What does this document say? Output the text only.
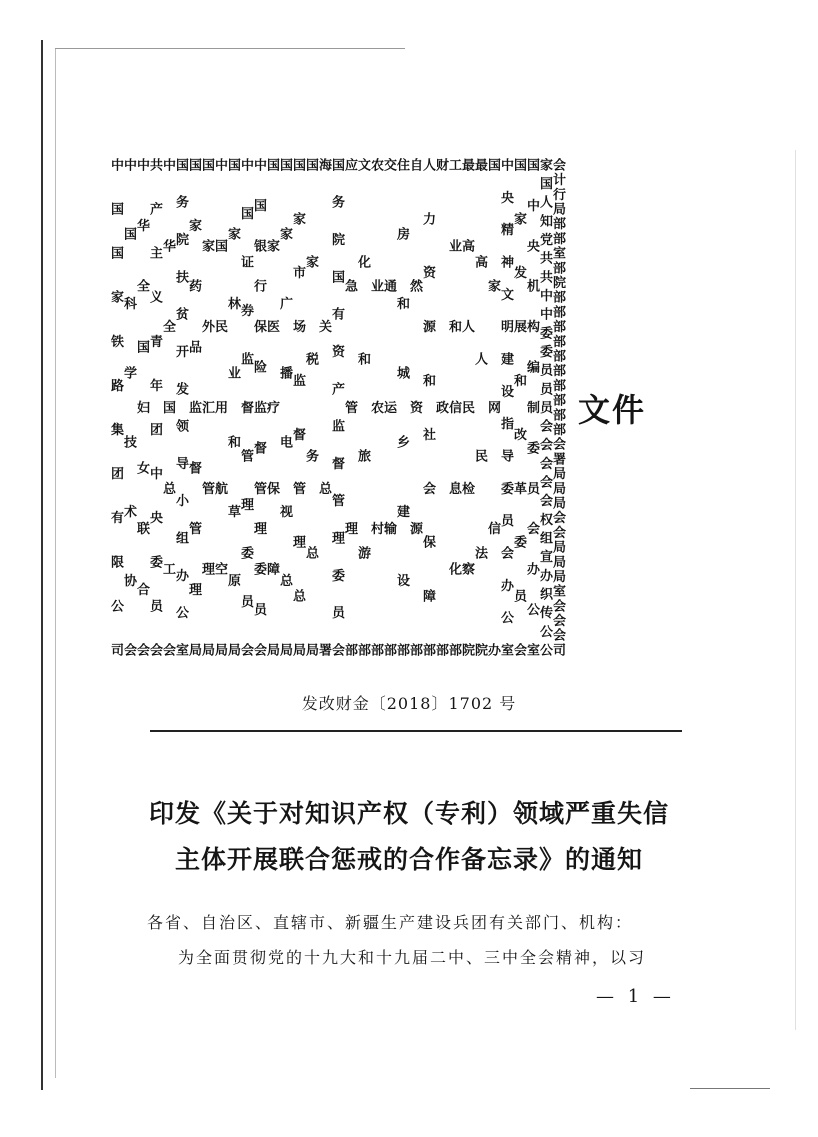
会计行局部部室部院部部部部部部部部部部会署局局局会会局局局室会会会司
家国人知党共共中中委委员员员会会会会会权组宣办织传公公
国中央机构编制委员会办公室
国家发展和改革委员会
中央精神文明建设指导委员会办公室
国家网信办
最高人民法院
最高人民检察院
工业和信息化部
财政部
人力资源和社会保障部
自然资源部
住房和城乡建设部
交通运输部
农业农村部
文化和旅游部
应急管理部
国务院国有资产监督管理委员会
海关总署
国家税务总局
国家市场监督管理总局
国家广播电视总局
国家医疗保障局
中国银行保险监督管理委员会
中国证券监督管理委员会
国家林业和草原局
中国民用航空局
国家外汇管理局
国家药品监督管理局
国务院扶贫开发领导小组办公室
中华全国总工会
共产主义青年团中央委员会
中华全国妇女联合会
中国科学技术协会
中国国家铁路集团有限公司	文件
发改财金〔2018〕1702 号
印发《关于对知识产权（专利）领域严重失信
主体开展联合惩戒的合作备忘录》的通知
各省、自治区、直辖市、新疆生产建设兵团有关部门、机构：
为全面贯彻党的十九大和十九届二中、三中全会精神，以习
— 1 —
